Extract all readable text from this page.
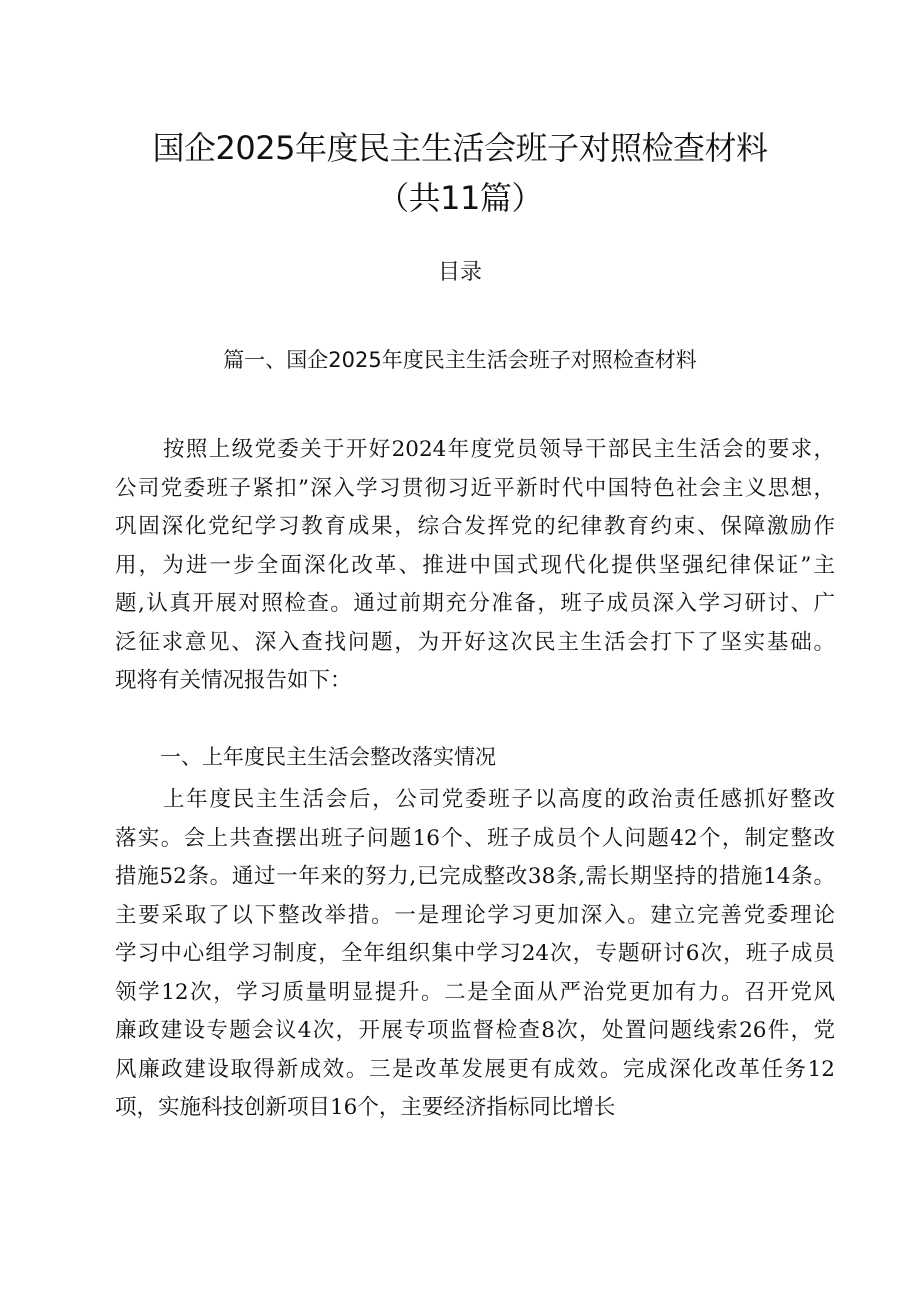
国企2025年度民主生活会班子对照检查材料
（共11篇）
目录
篇一、国企2025年度民主生活会班子对照检查材料
按照上级党委关于开好2024年度党员领导干部民主生活会的要求，
公司党委班子紧扣”深入学习贯彻习近平新时代中国特色社会主义思想，
巩固深化党纪学习教育成果，综合发挥党的纪律教育约束、保障激励作
用，为进一步全面深化改革、推进中国式现代化提供坚强纪律保证”主
题,认真开展对照检查。通过前期充分准备，班子成员深入学习研讨、广
泛征求意见、深入查找问题，为开好这次民主生活会打下了坚实基础。
现将有关情况报告如下：
一、上年度民主生活会整改落实情况
上年度民主生活会后，公司党委班子以高度的政治责任感抓好整改
落实。会上共查摆出班子问题16个、班子成员个人问题42个，制定整改
措施52条。通过一年来的努力,已完成整改38条,需长期坚持的措施14条。
主要采取了以下整改举措。一是理论学习更加深入。建立完善党委理论
学习中心组学习制度，全年组织集中学习24次，专题研讨6次，班子成员
领学12次，学习质量明显提升。二是全面从严治党更加有力。召开党风
廉政建设专题会议4次，开展专项监督检查8次，处置问题线索26件，党
风廉政建设取得新成效。三是改革发展更有成效。完成深化改革任务12
项，实施科技创新项目16个，主要经济指标同比增长
